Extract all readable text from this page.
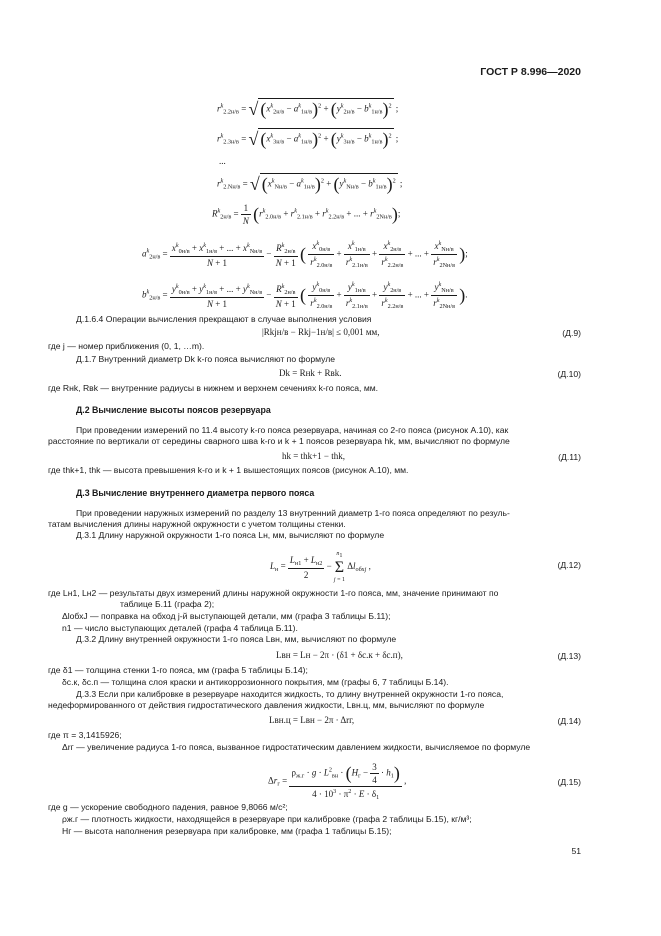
ГОСТ Р 8.996—2020
$r^k_{2.2н/в}$ = √ $(x^k_{2н/в} - a^k_{1н/в})^2 + (y^k_{2н/в} - b^k_{1н/в})^2$ ;
$r^k_{2.3н/в}$ = √ $(x^k_{3н/в} - a^k_{1н/в})^2 + (y^k_{3н/в} - b^k_{1н/в})^2$ ;
...
$r^k_{2.Nн/в}$ = √ $(x^k_{Nн/в} - a^k_{1н/в})^2 + (y^k_{Nн/в} - b^k_{1н/в})^2$ ;
$R^k_{2н/в} = \frac{1}{N} (r^k_{2.0н/в} + r^k_{2.1н/в} + r^k_{2.2н/в}$ + ... + $r^k_{2Nн/в}$);
$a^k_{2н/в} = \frac{x^k_{0н/в} + x^k_{1н/в} + ... + x^k_{Nн/в}}{N + 1} - \frac{R^k_{2н/в}}{N + 1}$ ( $\frac{x^k_{0н/в}}{r^k_{2.0н/в}} + \frac{x^k_{1н/в}}{r^k_{2.1н/в}} + \frac{x^k_{2н/в}}{r^k_{2.2н/в}}$ + ... + $\frac{x^k_{Nн/в}}{r^k_{2Nн/в}}$ );
$b^k_{2н/в} = \frac{y^k_{0н/в} + y^k_{1н/в} + ... + y^k_{Nн/в}}{N + 1} - \frac{R^k_{2н/в}}{N + 1}$ ( $\frac{y^k_{0н/в}}{r^k_{2.0н/в}} + \frac{y^k_{1н/в}}{r^k_{2.1н/в}} + \frac{y^k_{2н/в}}{r^k_{2.2н/в}}$ + ... + $\frac{y^k_{Nн/в}}{r^k_{2Nн/в}}$ ).
Д.1.6.4 Операции вычисления прекращают в случае выполнения условия
|Rkjн/в − Rkj−1н/в| ≤ 0,001 мм,	(Д.9)
где j — номер приближения (0, 1, …m).
Д.1.7 Внутренний диаметр Dk k-го пояса вычисляют по формуле
Dk = Rнk + Rвk.	(Д.10)
где Rнk, Rвk — внутренние радиусы в нижнем и верхнем сечениях k-го пояса, мм.
Д.2 Вычисление высоты поясов резервуара
При проведении измерений по 11.4 высоту k-го пояса резервуара, начиная со 2-го пояса (рисунок А.10), как
расстояние по вертикали от середины сварного шва k-го и k + 1 поясов резервуара hk, мм, вычисляют по формуле
hk = thk+1 − thk,	(Д.11)
где thk+1, thk — высота превышения k-го и k + 1 вышестоящих поясов (рисунок А.10), мм.
Д.3 Вычисление внутреннего диаметра первого пояса
При проведении наружных измерений по разделу 13 внутренний диаметр 1-го пояса определяют по резуль-
татам вычисления длины наружной окружности с учетом толщины стенки.
Д.3.1 Длину наружной окружности 1-го пояса Lн, мм, вычисляют по формуле
$L_н = \frac{L_{н1} + L_{н2}}{2}$ −
$n_1$
Σ
j = 1
$\Delta l_{обхj}$ ,	(Д.12)
где Lн1, Lн2 — результаты двух измерений длины наружной окружности 1-го пояса, мм, значение принимают по
таблице Б.11 (графа 2);
ΔlобхJ — поправка на обход j-й выступающей детали, мм (графа 3 таблицы Б.11);
n1 — число выступающих деталей (графа 4 таблица Б.11).
Д.3.2 Длину внутренней окружности 1-го пояса Lвн, мм, вычисляют по формуле
Lвн = Lн − 2π · (δ1 + δс.к + δс.п),	(Д.13)
где δ1 — толщина стенки 1-го пояса, мм (графа 5 таблицы Б.14);
δс.к, δс.п — толщина слоя краски и антикоррозионного покрытия, мм (графы 6, 7 таблицы Б.14).
Д.3.3 Если при калибровке в резервуаре находится жидкость, то длину внутренней окружности 1-го пояса,
недеформированного от действия гидростатического давления жидкости, Lвн.ц, мм, вычисляют по формуле
Lвн.ц = Lвн − 2π · Δrг,	(Д.14)
где π = 3,1415926;
Δrг — увеличение радиуса 1-го пояса, вызванное гидростатическим давлением жидкости, вычисляемое по формуле
$\Delta r_г = \frac{\rho_{ж.г} \cdot g \cdot L^2_{вн} \cdot (H_г - \frac{3}{4} \cdot h_1)}{4 \cdot 10^3 \cdot \pi^2 \cdot E \cdot \delta_1}$ ,	(Д.15)
где g — ускорение свободного падения, равное 9,8066 м/с²;
ρж.г — плотность жидкости, находящейся в резервуаре при калибровке (графа 2 таблицы Б.15), кг/м³;
Hг — высота наполнения резервуара при калибровке, мм (графа 1 таблицы Б.15);
51
